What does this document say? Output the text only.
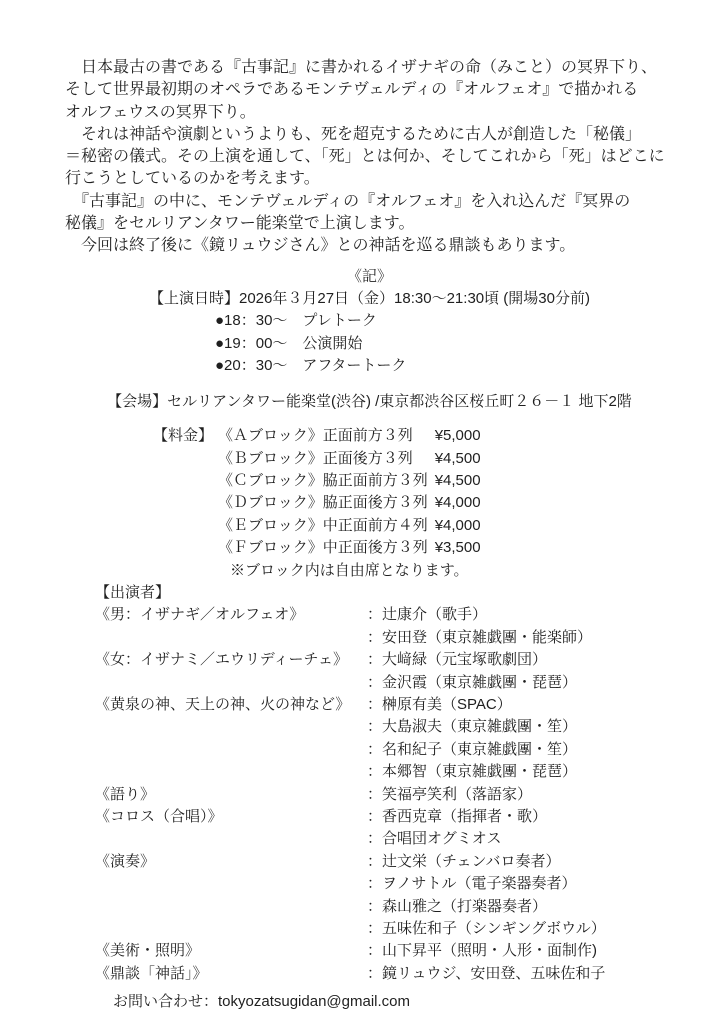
　日本最古の書である『古事記』に書かれるイザナギの命（みこと）の冥界下り、
そして世界最初期のオペラであるモンテヴェルディの『オルフェオ』で描かれる
オルフェウスの冥界下り。
　それは神話や演劇というよりも、死を超克するために古人が創造した「秘儀」
＝秘密の儀式。その上演を通して、「死」とは何か、そしてこれから「死」はどこに
行こうとしているのかを考えます。
　『古事記』の中に、モンテヴェルディの『オルフェオ』を入れ込んだ『冥界の
秘儀』をセルリアンタワー能楽堂で上演します。
　今回は終了後に《鏡リュウジさん》との神話を巡る鼎談もあります。
《記》
【上演日時】2026年３月27日（金）18:30〜21:30頃 (開場30分前)
●18：30〜　プレトーク
●19：00〜　公演開始
●20：30〜　アフタートーク
【会場】セルリアンタワー能楽堂(渋谷) /東京都渋谷区桜丘町２６－１ 地下2階
【料金】 《Ａブロック》正面前方３列 ¥5,000
《Ｂブロック》正面後方３列 ¥4,500
《Ｃブロック》脇正面前方３列 ¥4,500
《Ｄブロック》脇正面後方３列 ¥4,000
《Ｅブロック》中正面前方４列 ¥4,000
《Ｆブロック》中正面後方３列 ¥3,500
※ブロック内は自由席となります。
【出演者】
《男：イザナギ／オルフェオ》	：辻康介（歌手）
：安田登（東京雑戯團・能楽師）
《女：イザナミ／エウリディーチェ》	：大﨑緑（元宝塚歌劇団）
：金沢霞（東京雑戯團・琵琶）
《黄泉の神、天上の神、火の神など》	：榊原有美（SPAC）
：大島淑夫（東京雑戯團・笙）
：名和紀子（東京雑戯團・笙）
：本郷智（東京雑戯團・琵琶）
《語り》	：笑福亭笑利（落語家）
《コロス（合唱）》	：香西克章（指揮者・歌）
：合唱団オグミオス
《演奏》	：辻文栄（チェンバロ奏者）
：ヲノサトル（電子楽器奏者）
：森山雅之（打楽器奏者）
：五味佐和子（シンギングボウル）
《美術・照明》	：山下昇平（照明・人形・面制作)
《鼎談「神話」》	：鏡リュウジ、安田登、五味佐和子
お問い合わせ：tokyozatsugidan@gmail.com
